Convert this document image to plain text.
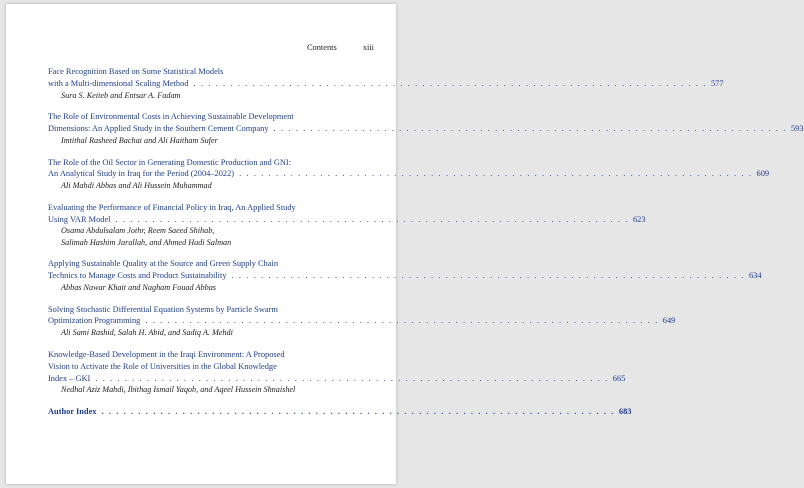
Contents	xiii
Face Recognition Based on Some Statistical Models
with a Multi-dimensional Scaling Method . . . . . . . . . . . . . . . . . . . . . . . . . . . . . . . . . . . . . . . . . . . . . . . . . . . . . . . . . . . . . . . . . . . . . . 577
Sura S. Keiteb and Entsar A. Fadam
The Role of Environmental Costs in Achieving Sustainable Development
Dimensions: An Applied Study in the Southern Cement Company . . . . . . . . . . . . . . . . . . . . . . . . . . . . . . . . . . . . . . . . . . . . . . . . . . . . . . . . . . . . . . . . . . . . . . 593
Imtithal Rasheed Bachai and Ali Haitham Sufer
The Role of the Oil Sector in Generating Domestic Production and GNI:
An Analytical Study in Iraq for the Period (2004–2022) . . . . . . . . . . . . . . . . . . . . . . . . . . . . . . . . . . . . . . . . . . . . . . . . . . . . . . . . . . . . . . . . . . . . . . 609
Ali Mahdi Abbas and Ali Hussein Muhammad
Evaluating the Performance of Financial Policy in Iraq, An Applied Study
Using VAR Model . . . . . . . . . . . . . . . . . . . . . . . . . . . . . . . . . . . . . . . . . . . . . . . . . . . . . . . . . . . . . . . . . . . . . . 623
Osama Abdulsalam Jothr, Reem Saeed Shihab,
Salimah Hashim Jarallah, and Ahmed Hadi Salman
Applying Sustainable Quality at the Source and Green Supply Chain
Technics to Manage Costs and Product Sustainability . . . . . . . . . . . . . . . . . . . . . . . . . . . . . . . . . . . . . . . . . . . . . . . . . . . . . . . . . . . . . . . . . . . . . . 634
Abbas Nawar Khait and Nagham Fouad Abbas
Solving Stochastic Differential Equation Systems by Particle Swarm
Optimization Programming . . . . . . . . . . . . . . . . . . . . . . . . . . . . . . . . . . . . . . . . . . . . . . . . . . . . . . . . . . . . . . . . . . . . . . 649
Ali Sami Rashid, Salah H. Abid, and Sadiq A. Mehdi
Knowledge-Based Development in the Iraqi Environment: A Proposed
Vision to Activate the Role of Universities in the Global Knowledge
Index – GKI . . . . . . . . . . . . . . . . . . . . . . . . . . . . . . . . . . . . . . . . . . . . . . . . . . . . . . . . . . . . . . . . . . . . . . 665
Nedhal Aziz Mahdi, Ibithag Ismail Yaqob, and Aqeel Hussein Shnaishel
Author Index . . . . . . . . . . . . . . . . . . . . . . . . . . . . . . . . . . . . . . . . . . . . . . . . . . . . . . . . . . . . . . . . . . . . . . 683
